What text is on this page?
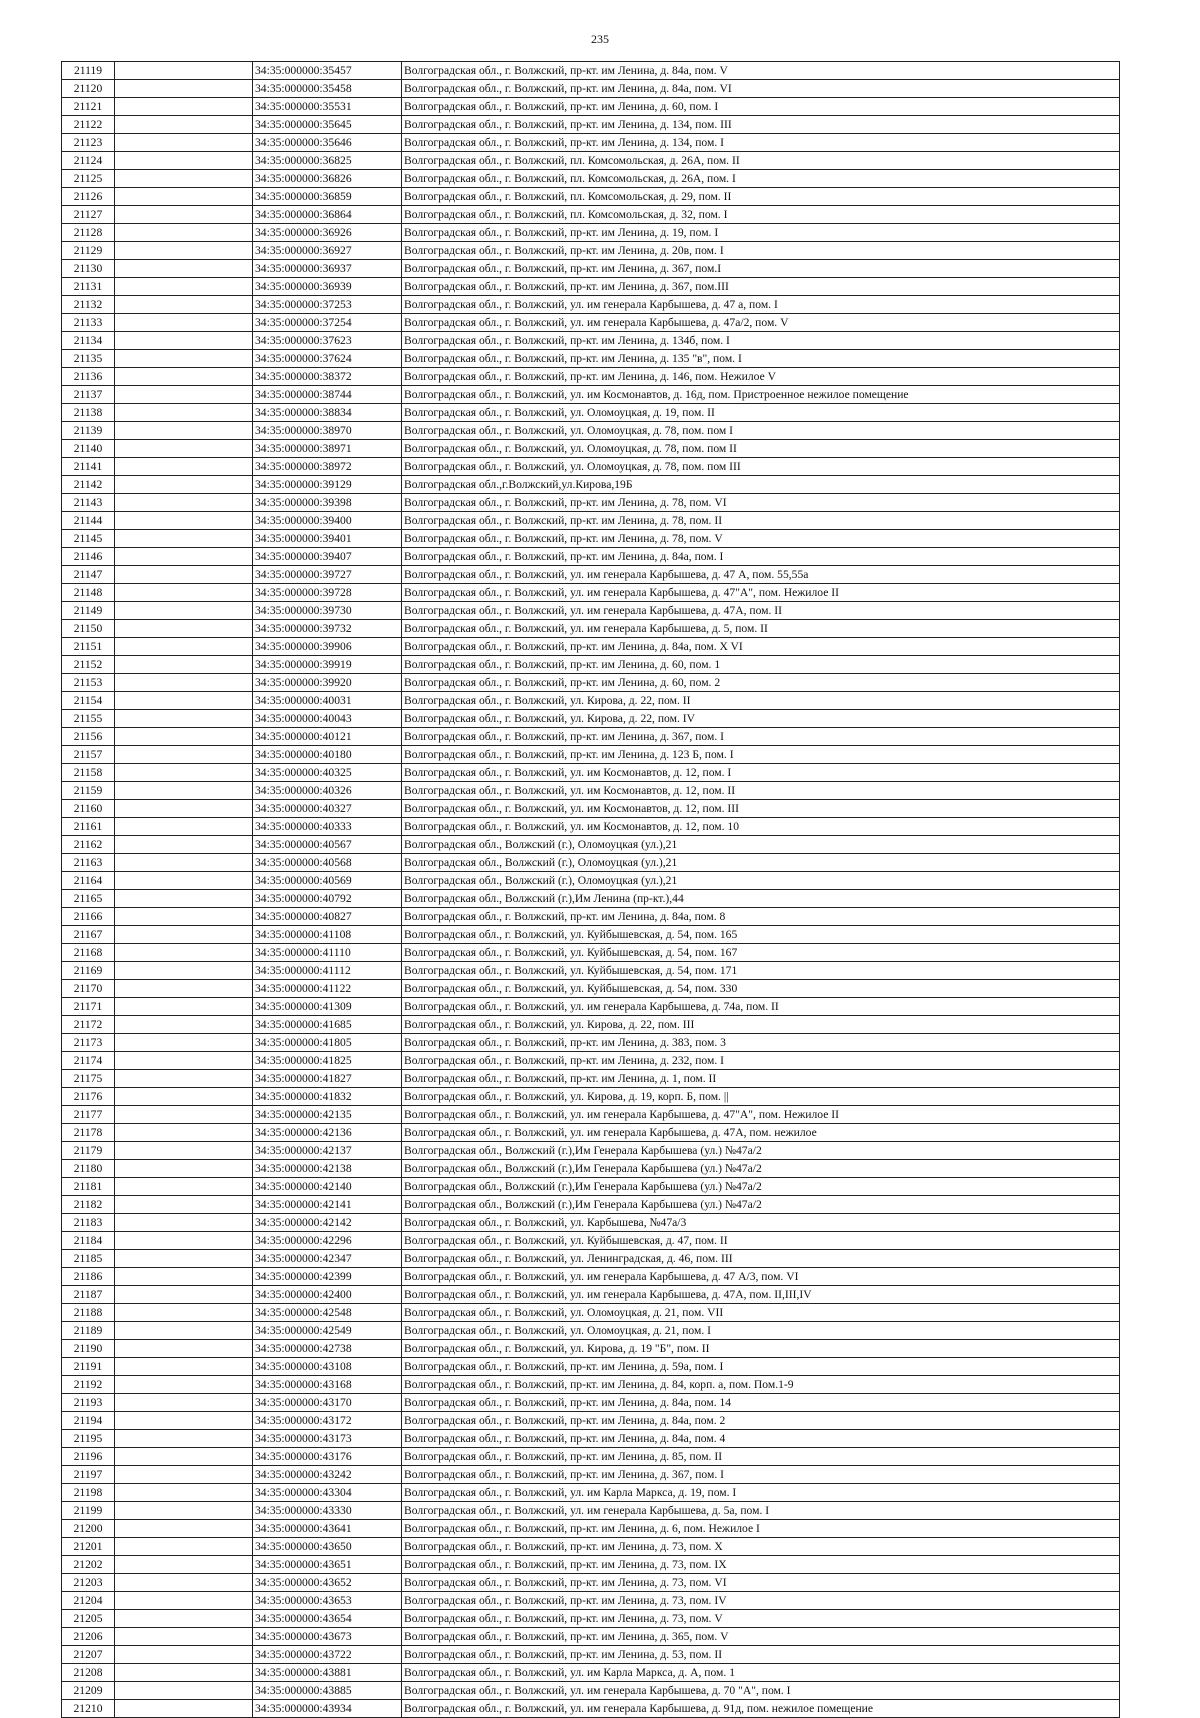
235
21119		34:35:000000:35457	Волгоградская обл., г. Волжский, пр-кт. им Ленина, д. 84а, пом. V
21120		34:35:000000:35458	Волгоградская обл., г. Волжский, пр-кт. им Ленина, д. 84а, пом. VI
21121		34:35:000000:35531	Волгоградская обл., г. Волжский, пр-кт. им Ленина, д. 60, пом. I
21122		34:35:000000:35645	Волгоградская обл., г. Волжский, пр-кт. им Ленина, д. 134, пом. III
21123		34:35:000000:35646	Волгоградская обл., г. Волжский, пр-кт. им Ленина, д. 134, пом. I
21124		34:35:000000:36825	Волгоградская обл., г. Волжский, пл. Комсомольская, д. 26А, пом. II
21125		34:35:000000:36826	Волгоградская обл., г. Волжский, пл. Комсомольская, д. 26А, пом. I
21126		34:35:000000:36859	Волгоградская обл., г. Волжский, пл. Комсомольская, д. 29, пом. II
21127		34:35:000000:36864	Волгоградская обл., г. Волжский, пл. Комсомольская, д. 32, пом. I
21128		34:35:000000:36926	Волгоградская обл., г. Волжский, пр-кт. им Ленина, д. 19, пом. I
21129		34:35:000000:36927	Волгоградская обл., г. Волжский, пр-кт. им Ленина, д. 20в, пом. I
21130		34:35:000000:36937	Волгоградская обл., г. Волжский, пр-кт. им Ленина, д. 367, пом.I
21131		34:35:000000:36939	Волгоградская обл., г. Волжский, пр-кт. им Ленина, д. 367, пом.III
21132		34:35:000000:37253	Волгоградская обл., г. Волжский, ул. им генерала Карбышева, д. 47 а, пом. I
21133		34:35:000000:37254	Волгоградская обл., г. Волжский, ул. им генерала Карбышева, д. 47а/2, пом. V
21134		34:35:000000:37623	Волгоградская обл., г. Волжский, пр-кт. им Ленина, д. 134б, пом. I
21135		34:35:000000:37624	Волгоградская обл., г. Волжский, пр-кт. им Ленина, д. 135 "в", пом. I
21136		34:35:000000:38372	Волгоградская обл., г. Волжский, пр-кт. им Ленина, д. 146, пом. Нежилое V
21137		34:35:000000:38744	Волгоградская обл., г. Волжский, ул. им Космонавтов, д. 16д, пом. Пристроенное нежилое помещение
21138		34:35:000000:38834	Волгоградская обл., г. Волжский, ул. Оломоуцкая, д. 19, пом. II
21139		34:35:000000:38970	Волгоградская обл., г. Волжский, ул. Оломоуцкая, д. 78, пом. пом I
21140		34:35:000000:38971	Волгоградская обл., г. Волжский, ул. Оломоуцкая, д. 78, пом. пом II
21141		34:35:000000:38972	Волгоградская обл., г. Волжский, ул. Оломоуцкая, д. 78, пом. пом III
21142		34:35:000000:39129	Волгоградская обл.,г.Волжский,ул.Кирова,19Б
21143		34:35:000000:39398	Волгоградская обл., г. Волжский, пр-кт. им Ленина, д. 78, пом. VI
21144		34:35:000000:39400	Волгоградская обл., г. Волжский, пр-кт. им Ленина, д. 78, пом. II
21145		34:35:000000:39401	Волгоградская обл., г. Волжский, пр-кт. им Ленина, д. 78, пом. V
21146		34:35:000000:39407	Волгоградская обл., г. Волжский, пр-кт. им Ленина, д. 84а, пом. I
21147		34:35:000000:39727	Волгоградская обл., г. Волжский, ул. им генерала Карбышева, д. 47 А, пом. 55,55а
21148		34:35:000000:39728	Волгоградская обл., г. Волжский, ул. им генерала Карбышева, д. 47"А", пом. Нежилое II
21149		34:35:000000:39730	Волгоградская обл., г. Волжский, ул. им генерала Карбышева, д. 47А, пом. II
21150		34:35:000000:39732	Волгоградская обл., г. Волжский, ул. им генерала Карбышева, д. 5, пом. II
21151		34:35:000000:39906	Волгоградская обл., г. Волжский, пр-кт. им Ленина, д. 84а, пом. X VI
21152		34:35:000000:39919	Волгоградская обл., г. Волжский, пр-кт. им Ленина, д. 60, пом. 1
21153		34:35:000000:39920	Волгоградская обл., г. Волжский, пр-кт. им Ленина, д. 60, пом. 2
21154		34:35:000000:40031	Волгоградская обл., г. Волжский, ул. Кирова, д. 22, пом. II
21155		34:35:000000:40043	Волгоградская обл., г. Волжский, ул. Кирова, д. 22, пом. IV
21156		34:35:000000:40121	Волгоградская обл., г. Волжский, пр-кт. им Ленина, д. 367, пом. I
21157		34:35:000000:40180	Волгоградская обл., г. Волжский, пр-кт. им Ленина, д. 123 Б, пом. I
21158		34:35:000000:40325	Волгоградская обл., г. Волжский, ул. им Космонавтов, д. 12, пом. I
21159		34:35:000000:40326	Волгоградская обл., г. Волжский, ул. им Космонавтов, д. 12, пом. II
21160		34:35:000000:40327	Волгоградская обл., г. Волжский, ул. им Космонавтов, д. 12, пом. III
21161		34:35:000000:40333	Волгоградская обл., г. Волжский, ул. им Космонавтов, д. 12, пом. 10
21162		34:35:000000:40567	Волгоградская обл., Волжский (г.), Оломоуцкая (ул.),21
21163		34:35:000000:40568	Волгоградская обл., Волжский (г.), Оломоуцкая (ул.),21
21164		34:35:000000:40569	Волгоградская обл., Волжский (г.), Оломоуцкая (ул.),21
21165		34:35:000000:40792	Волгоградская обл., Волжский (г.),Им Ленина (пр-кт.),44
21166		34:35:000000:40827	Волгоградская обл., г. Волжский, пр-кт. им Ленина, д. 84а, пом. 8
21167		34:35:000000:41108	Волгоградская обл., г. Волжский, ул. Куйбышевская, д. 54, пом. 165
21168		34:35:000000:41110	Волгоградская обл., г. Волжский, ул. Куйбышевская, д. 54, пом. 167
21169		34:35:000000:41112	Волгоградская обл., г. Волжский, ул. Куйбышевская, д. 54, пом. 171
21170		34:35:000000:41122	Волгоградская обл., г. Волжский, ул. Куйбышевская, д. 54, пом. 330
21171		34:35:000000:41309	Волгоградская обл., г. Волжский, ул. им генерала Карбышева, д. 74а, пом. II
21172		34:35:000000:41685	Волгоградская обл., г. Волжский, ул. Кирова, д. 22, пом. III
21173		34:35:000000:41805	Волгоградская обл., г. Волжский, пр-кт. им Ленина, д. 383, пом. 3
21174		34:35:000000:41825	Волгоградская обл., г. Волжский, пр-кт. им Ленина, д. 232, пом. I
21175		34:35:000000:41827	Волгоградская обл., г. Волжский, пр-кт. им Ленина, д. 1, пом. II
21176		34:35:000000:41832	Волгоградская обл., г. Волжский, ул. Кирова, д. 19, корп. Б, пом. ||
21177		34:35:000000:42135	Волгоградская обл., г. Волжский, ул. им генерала Карбышева, д. 47"А", пом. Нежилое II
21178		34:35:000000:42136	Волгоградская обл., г. Волжский, ул. им генерала Карбышева, д. 47А, пом. нежилое
21179		34:35:000000:42137	Волгоградская обл., Волжский (г.),Им Генерала Карбышева (ул.) №47а/2
21180		34:35:000000:42138	Волгоградская обл., Волжский (г.),Им Генерала Карбышева (ул.) №47а/2
21181		34:35:000000:42140	Волгоградская обл., Волжский (г.),Им Генерала Карбышева (ул.) №47а/2
21182		34:35:000000:42141	Волгоградская обл., Волжский (г.),Им Генерала Карбышева (ул.) №47а/2
21183		34:35:000000:42142	Волгоградская обл., г. Волжский, ул. Карбышева, №47а/3
21184		34:35:000000:42296	Волгоградская обл., г. Волжский, ул. Куйбышевская, д. 47, пом. II
21185		34:35:000000:42347	Волгоградская обл., г. Волжский, ул. Ленинградская, д. 46, пом. III
21186		34:35:000000:42399	Волгоградская обл., г. Волжский, ул. им генерала Карбышева, д. 47 А/3, пом. VI
21187		34:35:000000:42400	Волгоградская обл., г. Волжский, ул. им генерала Карбышева, д. 47А, пом. II,III,IV
21188		34:35:000000:42548	Волгоградская обл., г. Волжский, ул. Оломоуцкая, д. 21, пом. VII
21189		34:35:000000:42549	Волгоградская обл., г. Волжский, ул. Оломоуцкая, д. 21, пом. I
21190		34:35:000000:42738	Волгоградская обл., г. Волжский, ул. Кирова, д. 19 "Б", пом. II
21191		34:35:000000:43108	Волгоградская обл., г. Волжский, пр-кт. им Ленина, д. 59а, пом. I
21192		34:35:000000:43168	Волгоградская обл., г. Волжский, пр-кт. им Ленина, д. 84, корп. а, пом. Пом.1-9
21193		34:35:000000:43170	Волгоградская обл., г. Волжский, пр-кт. им Ленина, д. 84а, пом. 14
21194		34:35:000000:43172	Волгоградская обл., г. Волжский, пр-кт. им Ленина, д. 84а, пом. 2
21195		34:35:000000:43173	Волгоградская обл., г. Волжский, пр-кт. им Ленина, д. 84а, пом. 4
21196		34:35:000000:43176	Волгоградская обл., г. Волжский, пр-кт. им Ленина, д. 85, пом. II
21197		34:35:000000:43242	Волгоградская обл., г. Волжский, пр-кт. им Ленина, д. 367, пом. I
21198		34:35:000000:43304	Волгоградская обл., г. Волжский, ул. им Карла Маркса, д. 19, пом. I
21199		34:35:000000:43330	Волгоградская обл., г. Волжский, ул. им генерала Карбышева, д. 5а, пом. I
21200		34:35:000000:43641	Волгоградская обл., г. Волжский, пр-кт. им Ленина, д. 6, пом. Нежилое I
21201		34:35:000000:43650	Волгоградская обл., г. Волжский, пр-кт. им Ленина, д. 73, пом. X
21202		34:35:000000:43651	Волгоградская обл., г. Волжский, пр-кт. им Ленина, д. 73, пом. IX
21203		34:35:000000:43652	Волгоградская обл., г. Волжский, пр-кт. им Ленина, д. 73, пом. VI
21204		34:35:000000:43653	Волгоградская обл., г. Волжский, пр-кт. им Ленина, д. 73, пом. IV
21205		34:35:000000:43654	Волгоградская обл., г. Волжский, пр-кт. им Ленина, д. 73, пом. V
21206		34:35:000000:43673	Волгоградская обл., г. Волжский, пр-кт. им Ленина, д. 365, пом. V
21207		34:35:000000:43722	Волгоградская обл., г. Волжский, пр-кт. им Ленина, д. 53, пом. II
21208		34:35:000000:43881	Волгоградская обл., г. Волжский, ул. им Карла Маркса, д. А, пом. 1
21209		34:35:000000:43885	Волгоградская обл., г. Волжский, ул. им генерала Карбышева, д. 70 "А", пом. I
21210		34:35:000000:43934	Волгоградская обл., г. Волжский, ул. им генерала Карбышева, д. 91д, пом. нежилое помещение
